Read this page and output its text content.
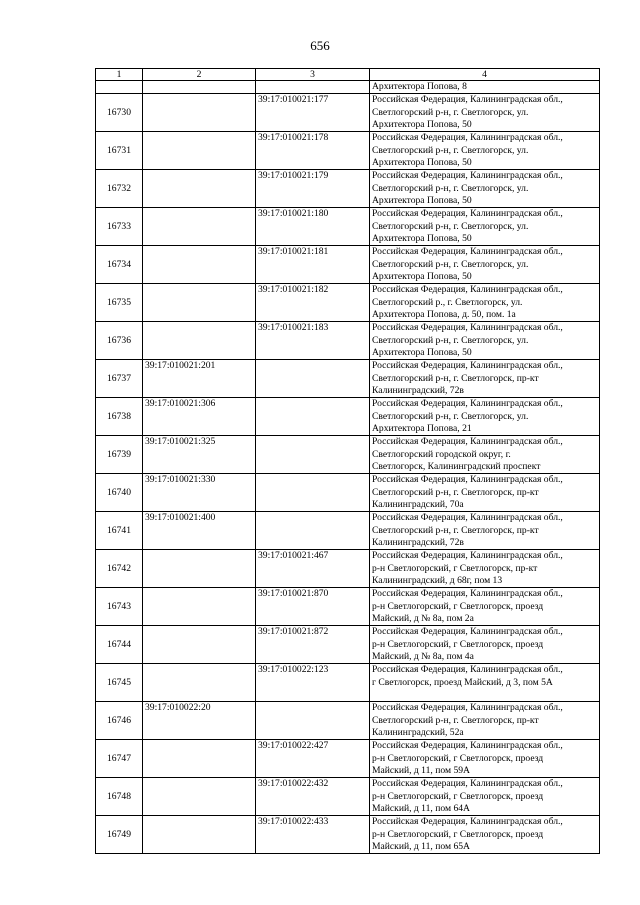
656
1	2	3	4
			Архитектора Попова, 8
16730		39:17:010021:177	Российская Федерация, Калининградская обл.,
Светлогорский р-н, г. Светлогорск, ул.
Архитектора Попова, 50
16731		39:17:010021:178	Российская Федерация, Калининградская обл.,
Светлогорский р-н, г. Светлогорск, ул.
Архитектора Попова, 50
16732		39:17:010021:179	Российская Федерация, Калининградская обл.,
Светлогорский р-н, г. Светлогорск, ул.
Архитектора Попова, 50
16733		39:17:010021:180	Российская Федерация, Калининградская обл.,
Светлогорский р-н, г. Светлогорск, ул.
Архитектора Попова, 50
16734		39:17:010021:181	Российская Федерация, Калининградская обл.,
Светлогорский р-н, г. Светлогорск, ул.
Архитектора Попова, 50
16735		39:17:010021:182	Российская Федерация, Калининградская обл.,
Светлогорский р., г. Светлогорск, ул.
Архитектора Попова, д. 50, пом. 1а
16736		39:17:010021:183	Российская Федерация, Калининградская обл.,
Светлогорский р-н, г. Светлогорск, ул.
Архитектора Попова, 50
16737	39:17:010021:201		Российская Федерация, Калининградская обл.,
Светлогорский р-н, г. Светлогорск, пр-кт
Калининградский, 72в
16738	39:17:010021:306		Российская Федерация, Калининградская обл.,
Светлогорский р-н, г. Светлогорск, ул.
Архитектора Попова, 21
16739	39:17:010021:325		Российская Федерация, Калининградская обл.,
Светлогорский городской округ, г.
Светлогорск, Калининградский проспект
16740	39:17:010021:330		Российская Федерация, Калининградская обл.,
Светлогорский р-н, г. Светлогорск, пр-кт
Калининградский, 70а
16741	39:17:010021:400		Российская Федерация, Калининградская обл.,
Светлогорский р-н, г. Светлогорск, пр-кт
Калининградский, 72в
16742		39:17:010021:467	Российская Федерация, Калининградская обл.,
р-н Светлогорский, г Светлогорск, пр-кт
Калининградский, д 68г, пом 13
16743		39:17:010021:870	Российская Федерация, Калининградская обл.,
р-н Светлогорский, г Светлогорск, проезд
Майский, д № 8а, пом 2а
16744		39:17:010021:872	Российская Федерация, Калининградская обл.,
р-н Светлогорский, г Светлогорск, проезд
Майский, д № 8а, пом 4а
16745		39:17:010022:123	Российская Федерация, Калининградская обл.,
г Светлогорск, проезд Майский, д 3, пом 5А
16746	39:17:010022:20		Российская Федерация, Калининградская обл.,
Светлогорский р-н, г. Светлогорск, пр-кт
Калининградский, 52а
16747		39:17:010022:427	Российская Федерация, Калининградская обл.,
р-н Светлогорский, г Светлогорск, проезд
Майский, д 11, пом 59А
16748		39:17:010022:432	Российская Федерация, Калининградская обл.,
р-н Светлогорский, г Светлогорск, проезд
Майский, д 11, пом 64А
16749		39:17:010022:433	Российская Федерация, Калининградская обл.,
р-н Светлогорский, г Светлогорск, проезд
Майский, д 11, пом 65А
